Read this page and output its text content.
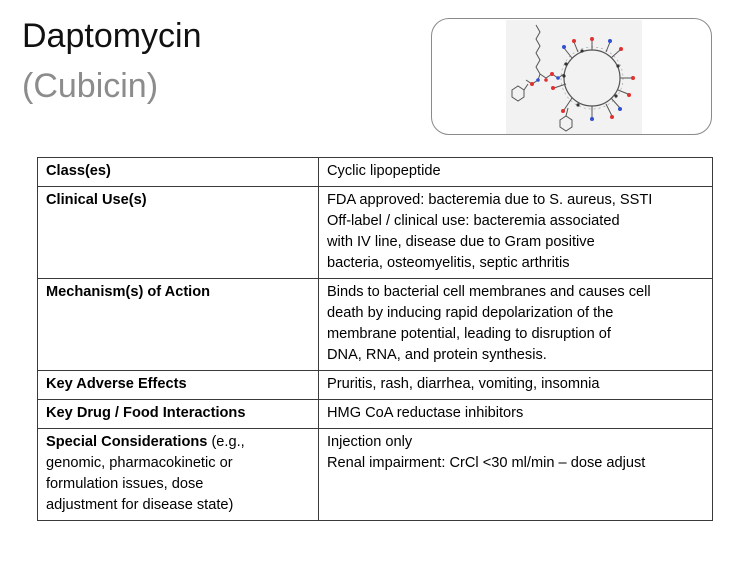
Daptomycin
(Cubicin)
Class(es)	Cyclic lipopeptide

Clinical Use(s)	FDA approved: bacteremia due to S. aureus, SSTI
Off-label / clinical use: bacteremia associated
with IV line, disease due to Gram positive
bacteria, osteomyelitis, septic arthritis

Mechanism(s) of Action	Binds to bacterial cell membranes and causes cell
death by inducing rapid depolarization of the
membrane potential, leading to disruption of
DNA, RNA, and protein synthesis.

Key Adverse Effects	Pruritis, rash, diarrhea, vomiting, insomnia

Key Drug / Food Interactions	HMG CoA reductase inhibitors

Special Considerations (e.g.,
genomic, pharmacokinetic or
formulation issues, dose
adjustment for disease state)	Injection only
Renal impairment: CrCl <30 ml/min – dose adjust
